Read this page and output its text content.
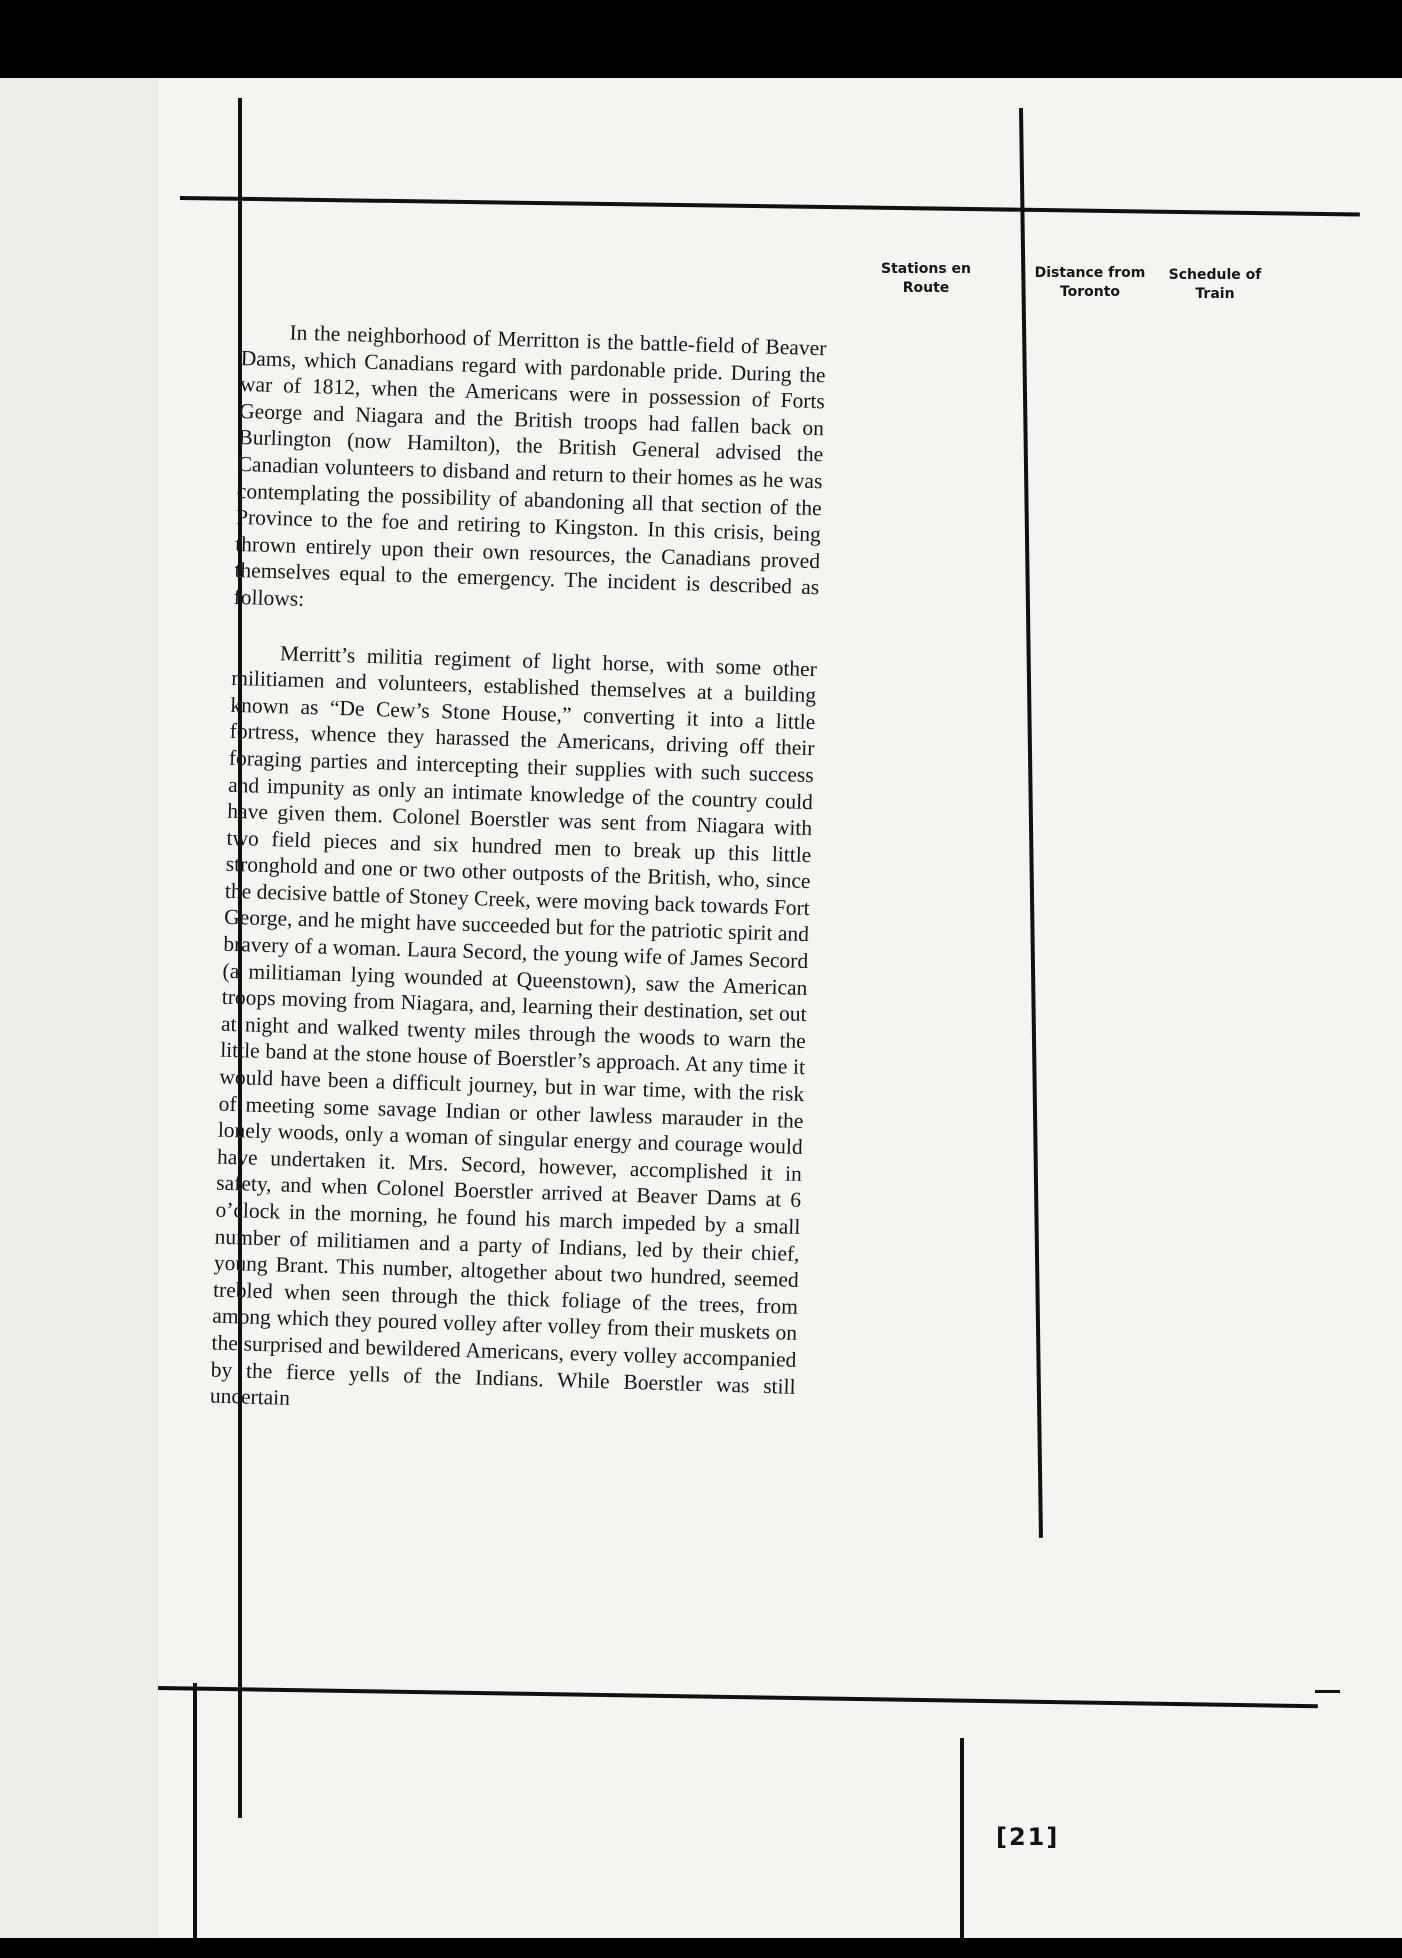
Stations en Route
Distance from Toronto
Schedule of Train

In the neighborhood of Merritton is the battle-field of Beaver Dams, which Canadians regard with pardonable pride. During the war of 1812, when the Americans were in possession of Forts George and Niagara and the British troops had fallen back on Burlington (now Hamilton), the British General advised the Canadian volunteers to disband and return to their homes as he was contemplating the possibility of abandoning all that section of the Province to the foe and retiring to Kingston. In this crisis, being thrown entirely upon their own resources, the Canadians proved themselves equal to the emergency. The incident is described as follows:

Merritt’s militia regiment of light horse, with some other militiamen and volunteers, established themselves at a building known as “De Cew’s Stone House,” converting it into a little fortress, whence they harassed the Americans, driving off their foraging parties and intercepting their supplies with such success and impunity as only an intimate knowledge of the country could have given them. Colonel Boerstler was sent from Niagara with two field pieces and six hundred men to break up this little stronghold and one or two other outposts of the British, who, since the decisive battle of Stoney Creek, were moving back towards Fort George, and he might have succeeded but for the patriotic spirit and bravery of a woman. Laura Secord, the young wife of James Secord (a militiaman lying wounded at Queenstown), saw the American troops moving from Niagara, and, learning their destination, set out at night and walked twenty miles through the woods to warn the little band at the stone house of Boerstler’s approach. At any time it would have been a difficult journey, but in war time, with the risk of meeting some savage Indian or other lawless marauder in the lonely woods, only a woman of singular energy and courage would have undertaken it. Mrs. Secord, however, accomplished it in safety, and when Colonel Boerstler arrived at Beaver Dams at 6 o’clock in the morning, he found his march impeded by a small number of militiamen and a party of Indians, led by their chief, young Brant. This number, altogether about two hundred, seemed trebled when seen through the thick foliage of the trees, from among which they poured volley after volley from their muskets on the surprised and bewildered Americans, every volley accompanied by the fierce yells of the Indians. While Boerstler was still uncertain

[21]
